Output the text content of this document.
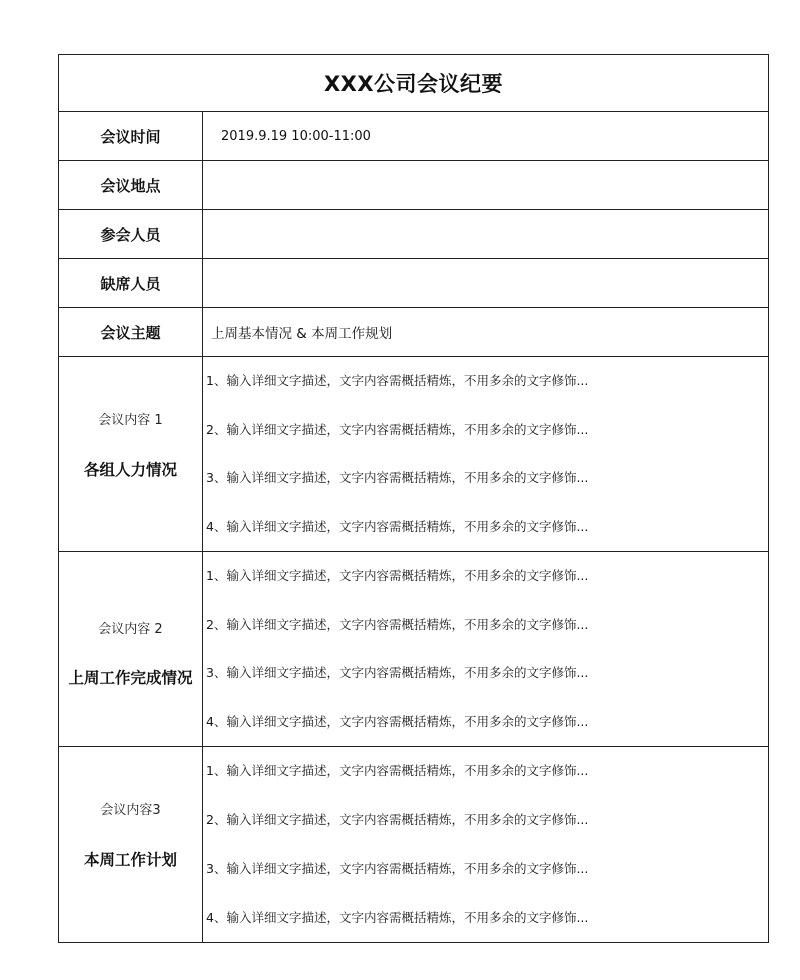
XXX公司会议纪要
会议时间	2019.9.19 10:00-11:00
会议地点
参会人员
缺席人员
会议主题	上周基本情况 & 本周工作规划
会议内容 1
各组人力情况
1、输入详细文字描述，文字内容需概括精炼，不用多余的文字修饰...
2、输入详细文字描述，文字内容需概括精炼，不用多余的文字修饰...
3、输入详细文字描述，文字内容需概括精炼，不用多余的文字修饰...
4、输入详细文字描述，文字内容需概括精炼，不用多余的文字修饰...
会议内容 2
上周工作完成情况
1、输入详细文字描述，文字内容需概括精炼，不用多余的文字修饰...
2、输入详细文字描述，文字内容需概括精炼，不用多余的文字修饰...
3、输入详细文字描述，文字内容需概括精炼，不用多余的文字修饰...
4、输入详细文字描述，文字内容需概括精炼，不用多余的文字修饰...
会议内容3
本周工作计划
1、输入详细文字描述，文字内容需概括精炼，不用多余的文字修饰...
2、输入详细文字描述，文字内容需概括精炼，不用多余的文字修饰...
3、输入详细文字描述，文字内容需概括精炼，不用多余的文字修饰...
4、输入详细文字描述，文字内容需概括精炼，不用多余的文字修饰...
